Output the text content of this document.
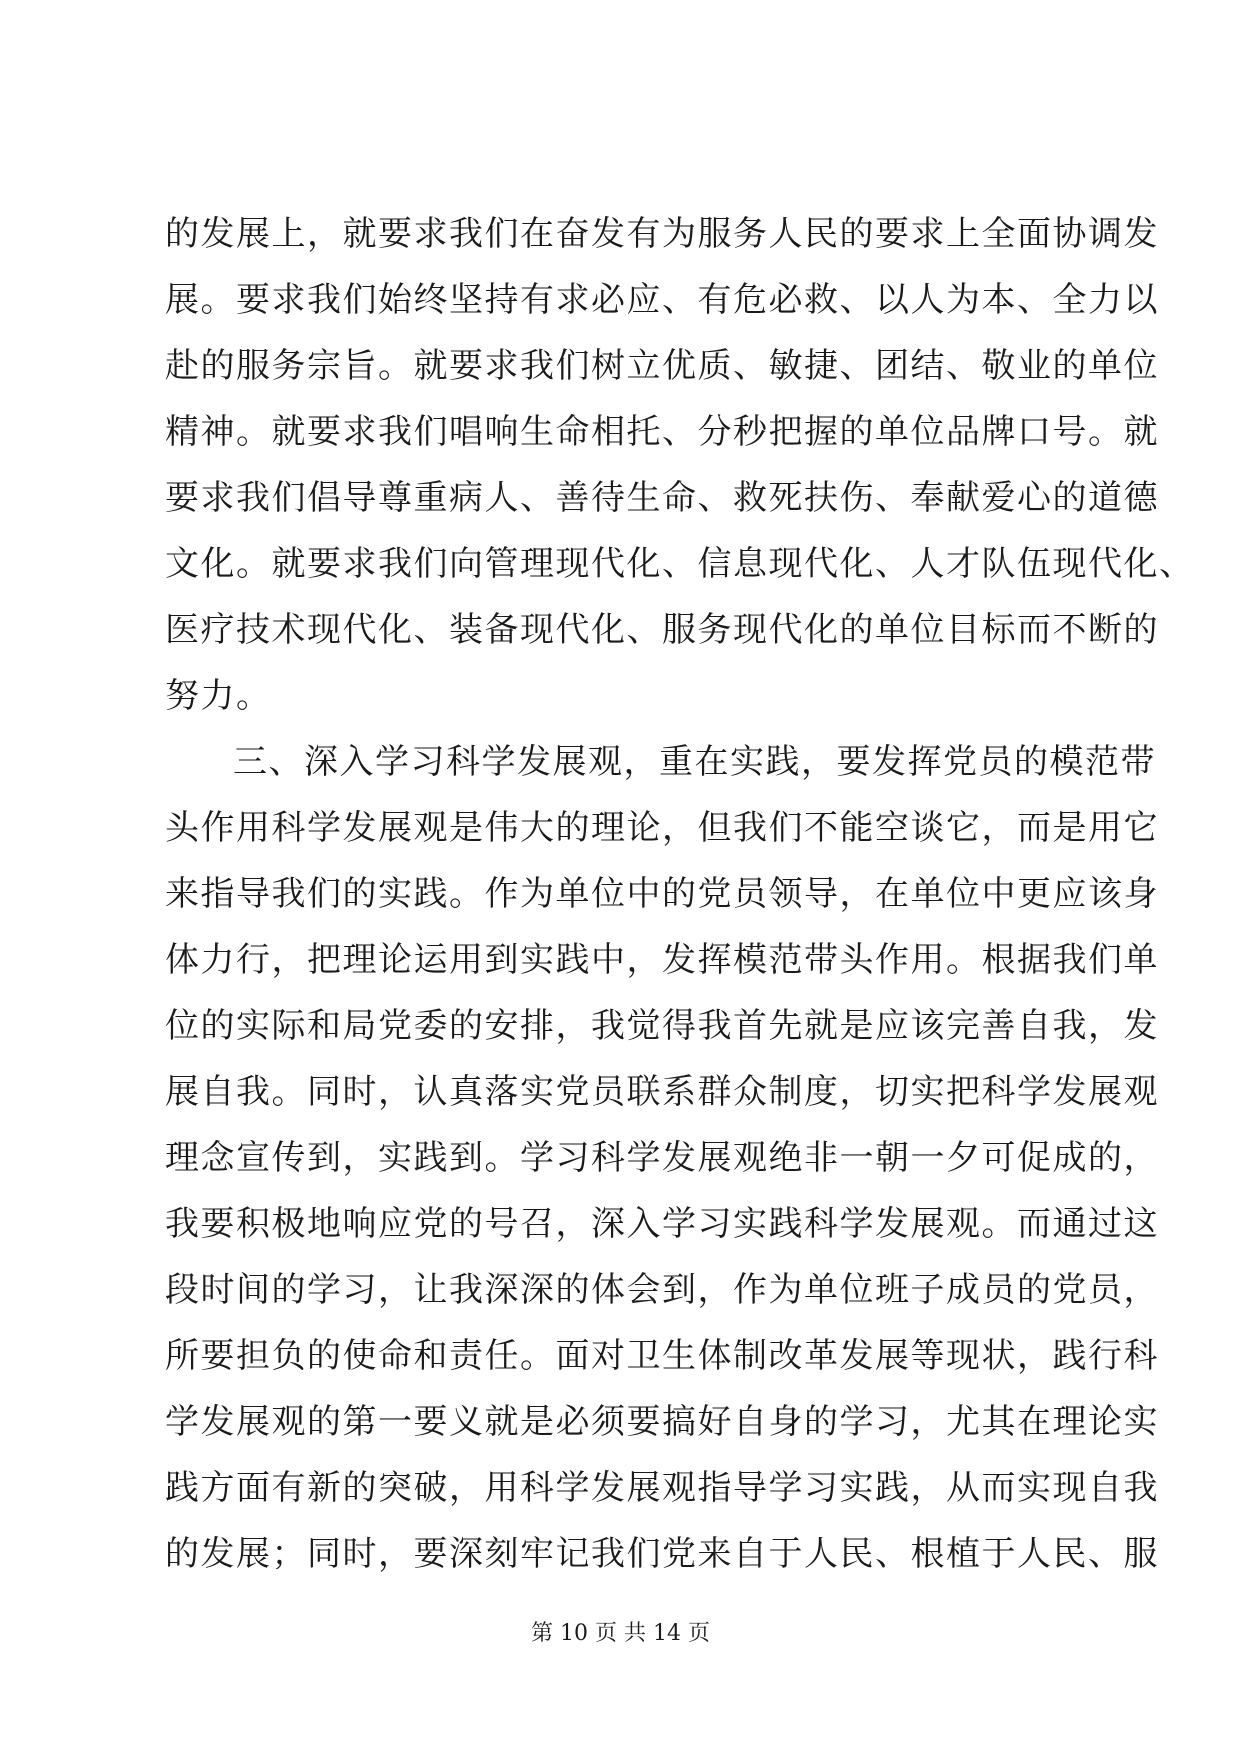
的发展上，就要求我们在奋发有为服务人民的要求上全面协调发
展。要求我们始终坚持有求必应、有危必救、以人为本、全力以
赴的服务宗旨。就要求我们树立优质、敏捷、团结、敬业的单位
精神。就要求我们唱响生命相托、分秒把握的单位品牌口号。就
要求我们倡导尊重病人、善待生命、救死扶伤、奉献爱心的道德
文化。就要求我们向管理现代化、信息现代化、人才队伍现代化、
医疗技术现代化、装备现代化、服务现代化的单位目标而不断的
努力。
三、深入学习科学发展观，重在实践，要发挥党员的模范带
头作用科学发展观是伟大的理论，但我们不能空谈它，而是用它
来指导我们的实践。作为单位中的党员领导，在单位中更应该身
体力行，把理论运用到实践中，发挥模范带头作用。根据我们单
位的实际和局党委的安排，我觉得我首先就是应该完善自我，发
展自我。同时，认真落实党员联系群众制度，切实把科学发展观
理念宣传到，实践到。学习科学发展观绝非一朝一夕可促成的，
我要积极地响应党的号召，深入学习实践科学发展观。而通过这
段时间的学习，让我深深的体会到，作为单位班子成员的党员，
所要担负的使命和责任。面对卫生体制改革发展等现状，践行科
学发展观的第一要义就是必须要搞好自身的学习，尤其在理论实
践方面有新的突破，用科学发展观指导学习实践，从而实现自我
的发展；同时，要深刻牢记我们党来自于人民、根植于人民、服
第 10 页 共 14 页
